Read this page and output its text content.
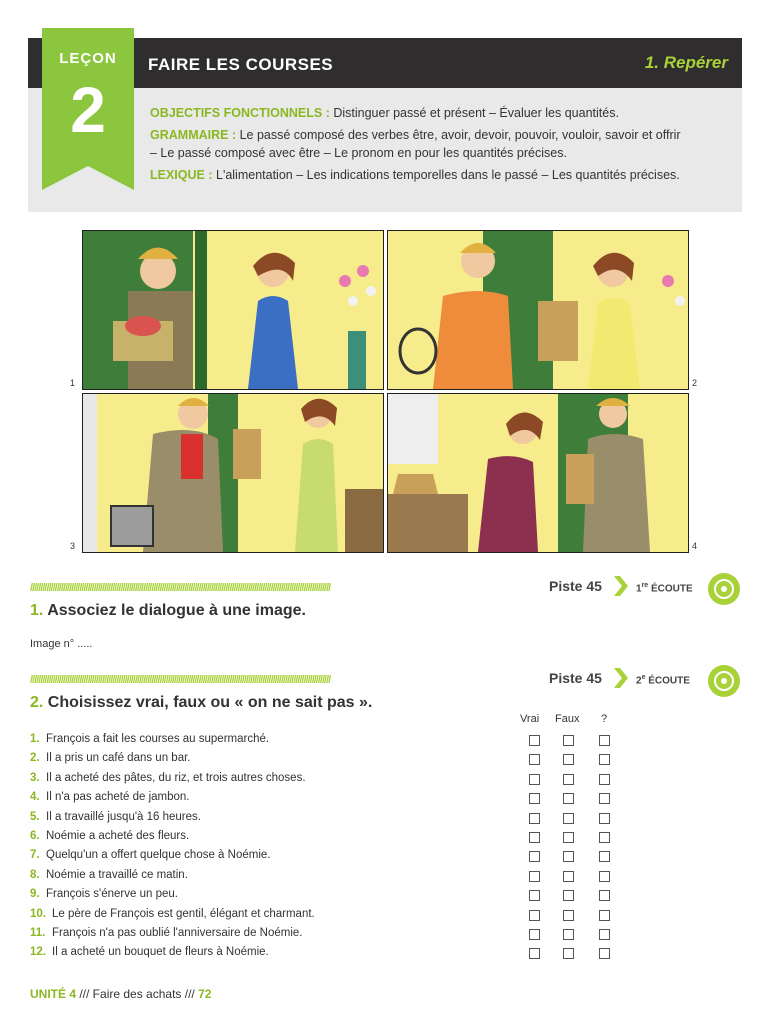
LEÇON
2
FAIRE LES COURSES	1. Repérer
OBJECTIFS FONCTIONNELS : Distinguer passé et présent – Évaluer les quantités.
GRAMMAIRE : Le passé composé des verbes être, avoir, devoir, pouvoir, vouloir, savoir et offrir – Le passé composé avec être – Le pronom en pour les quantités précises.
LEXIQUE : L'alimentation – Les indications temporelles dans le passé – Les quantités précises.
1	2
3	4
//////////////////////////////////////////////////////////////////////////////////////////////////////////////////////////////////////////////////	Piste 45	1re ÉCOUTE
1. Associez le dialogue à une image.
Image n° .....
//////////////////////////////////////////////////////////////////////////////////////////////////////////////////////////////////////////////////	Piste 45	2e ÉCOUTE
2. Choisissez vrai, faux ou « on ne sait pas ».
Vrai Faux ?
1. François a fait les courses au supermarché.
2. Il a pris un café dans un bar.
3. Il a acheté des pâtes, du riz, et trois autres choses.
4. Il n'a pas acheté de jambon.
5. Il a travaillé jusqu'à 16 heures.
6. Noémie a acheté des fleurs.
7. Quelqu'un a offert quelque chose à Noémie.
8. Noémie a travaillé ce matin.
9. François s'énerve un peu.
10. Le père de François est gentil, élégant et charmant.
11. François n'a pas oublié l'anniversaire de Noémie.
12. Il a acheté un bouquet de fleurs à Noémie.
UNITÉ 4 /// Faire des achats /// 72
